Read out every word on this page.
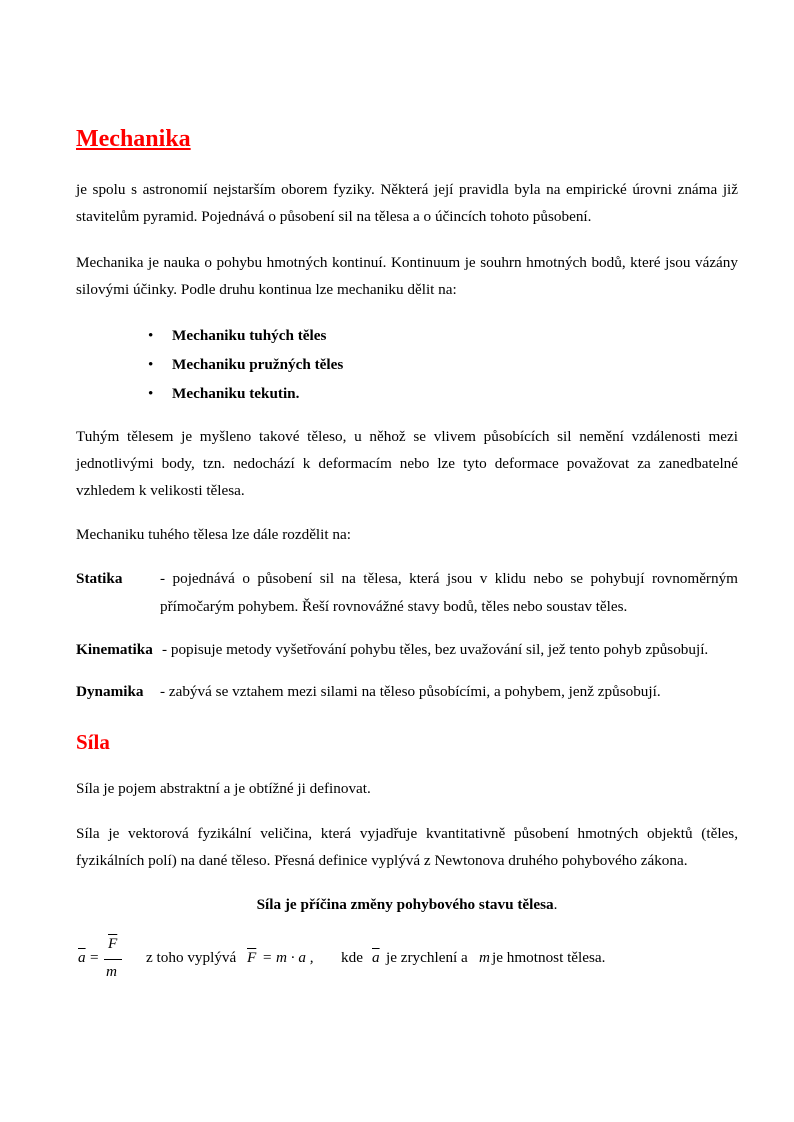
Mechanika

je spolu s astronomií nejstarším oborem fyziky. Některá její pravidla byla na empirické úrovni známa již stavitelům pyramid. Pojednává o působení sil na tělesa a o účincích tohoto působení.

Mechanika je nauka o pohybu hmotných kontinuí. Kontinuum je souhrn hmotných bodů, které jsou vázány silovými účinky. Podle druhu kontinua lze mechaniku dělit na:

• Mechaniku tuhých těles
• Mechaniku pružných těles
• Mechaniku tekutin.

Tuhým tělesem je myšleno takové těleso, u něhož se vlivem působících sil nemění vzdálenosti mezi jednotlivými body, tzn. nedochází k deformacím nebo lze tyto deformace považovat za zanedbatelné vzhledem k velikosti tělesa.

Mechaniku tuhého tělesa lze dále rozdělit na:

Statika - pojednává o působení sil na tělesa, která jsou v klidu nebo se pohybují rovnoměrným přímočarým pohybem. Řeší rovnovážné stavy bodů, těles nebo soustav těles.
Kinematika - popisuje metody vyšetřování pohybu těles, bez uvažování sil, jež tento pohyb způsobují.
Dynamika - zabývá se vztahem mezi silami na těleso působícími, a pohybem, jenž způsobují.
Síla

Síla je pojem abstraktní a je obtížné ji definovat.

Síla je vektorová fyzikální veličina, která vyjadřuje kvantitativně působení hmotných objektů (těles, fyzikálních polí) na dané těleso. Přesná definice vyplývá z Newtonova druhého pohybového zákona.

Síla je příčina změny pohybového stavu tělesa.
$\overline{a}$ =
$\overline{F}$
m
z toho vyplývá $\overline{F} = m \cdot a$ , kde $\overline{a}$ je zrychlení a m je hmotnost tělesa.
